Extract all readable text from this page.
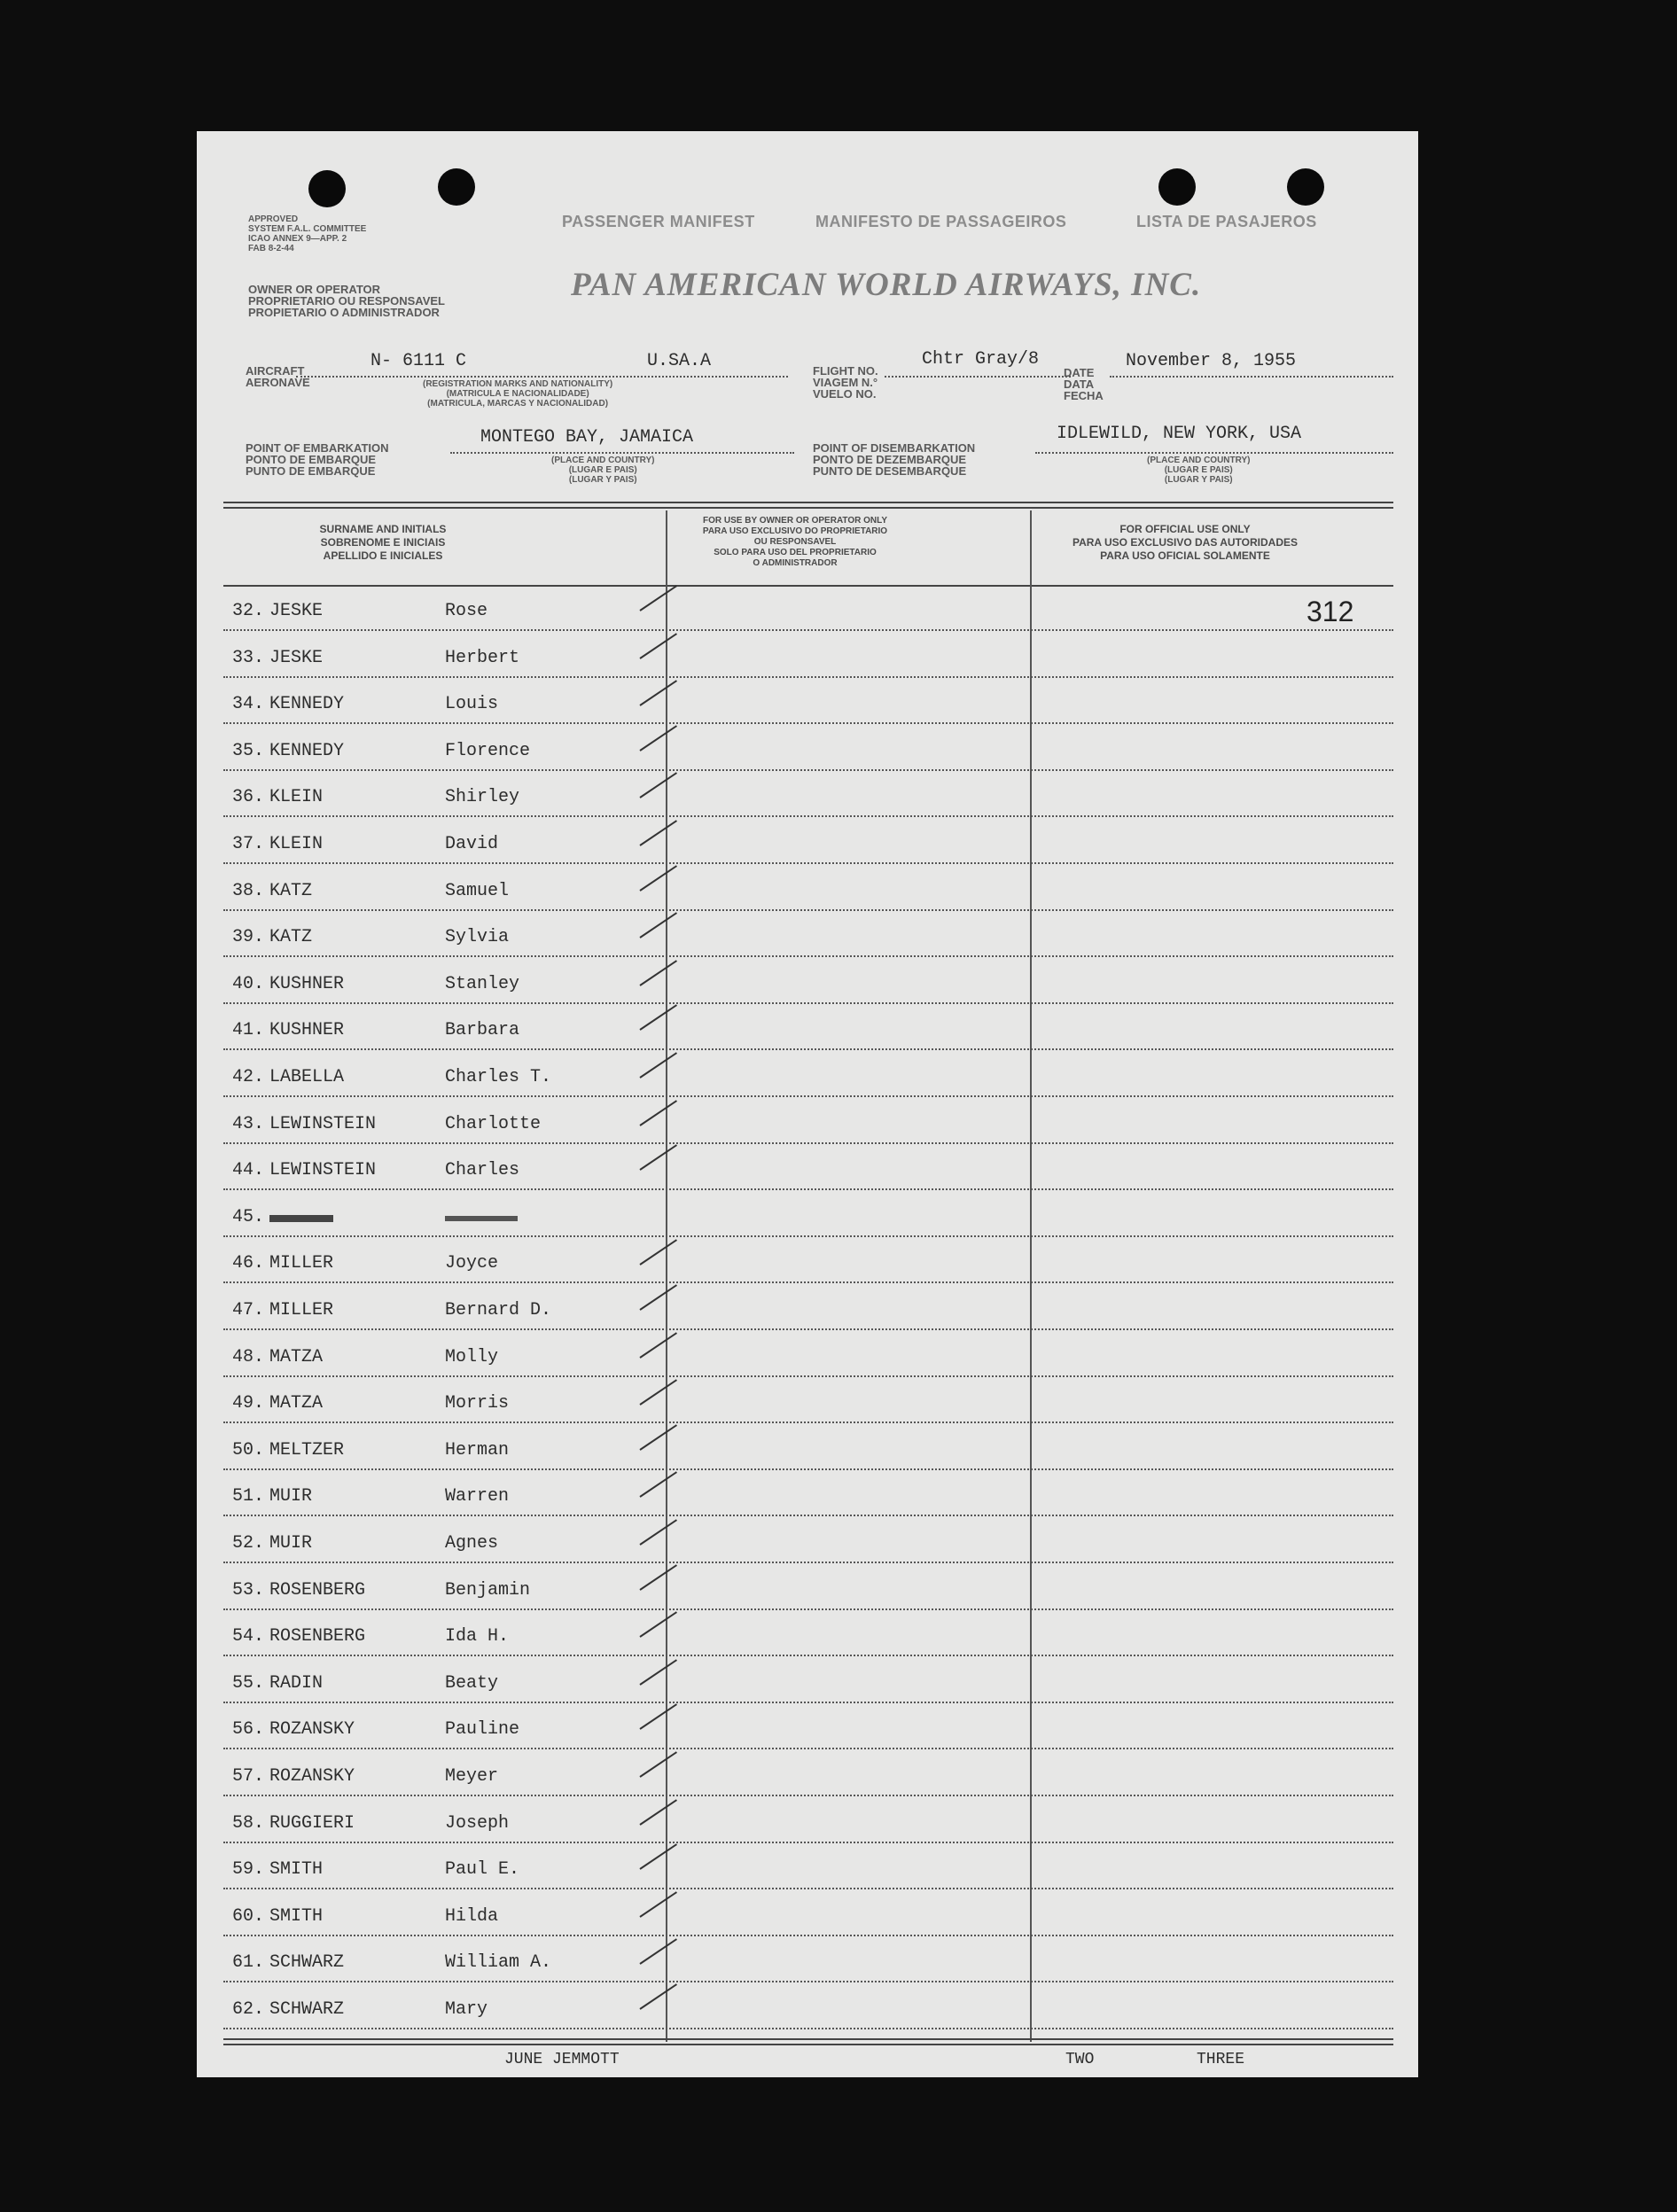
APPROVED
SYSTEM F.A.L. COMMITTEE
ICAO ANNEX 9—APP. 2
FAB 8-2-44
OWNER OR OPERATOR
PROPRIETARIO OU RESPONSAVEL
PROPIETARIO O ADMINISTRADOR
PASSENGER MANIFEST	MANIFESTO DE PASSAGEIROS	LISTA DE PASAJEROS
PAN AMERICAN WORLD AIRWAYS, INC.
AIRCRAFT
AERONAVE
N- 6111 C	U.SA.A
(REGISTRATION MARKS AND NATIONALITY)
(MATRICULA E NACIONALIDADE)
(MATRICULA, MARCAS Y NACIONALIDAD)
FLIGHT NO.
VIAGEM N.°
VUELO NO.
Chtr Gray/8
DATE
DATA
FECHA
November 8, 1955
POINT OF EMBARKATION
PONTO DE EMBARQUE
PUNTO DE EMBARQUE
MONTEGO BAY, JAMAICA
(PLACE AND COUNTRY)
(LUGAR E PAIS)
(LUGAR Y PAIS)
POINT OF DISEMBARKATION
PONTO DE DEZEMBARQUE
PUNTO DE DESEMBARQUE
IDLEWILD, NEW YORK, USA
(PLACE AND COUNTRY)
(LUGAR E PAIS)
(LUGAR Y PAIS)
SURNAME AND INITIALS
SOBRENOME E INICIAIS
APELLIDO E INICIALES
FOR USE BY OWNER OR OPERATOR ONLY
PARA USO EXCLUSIVO DO PROPRIETARIO
OU RESPONSAVEL
SOLO PARA USO DEL PROPRIETARIO
O ADMINISTRADOR
FOR OFFICIAL USE ONLY
PARA USO EXCLUSIVO DAS AUTORIDADES
PARA USO OFICIAL SOLAMENTE
312
32. JESKE	Rose
33. JESKE	Herbert
34. KENNEDY	Louis
35. KENNEDY	Florence
36. KLEIN	Shirley
37. KLEIN	David
38. KATZ	Samuel
39. KATZ	Sylvia
40. KUSHNER	Stanley
41. KUSHNER	Barbara
42. LABELLA	Charles T.
43. LEWINSTEIN	Charlotte
44. LEWINSTEIN	Charles
45.
46. MILLER	Joyce
47. MILLER	Bernard D.
48. MATZA	Molly
49. MATZA	Morris
50. MELTZER	Herman
51. MUIR	Warren
52. MUIR	Agnes
53. ROSENBERG	Benjamin
54. ROSENBERG	Ida H.
55. RADIN	Beaty
56. ROZANSKY	Pauline
57. ROZANSKY	Meyer
58. RUGGIERI	Joseph
59. SMITH	Paul E.
60. SMITH	Hilda
61. SCHWARZ	William A.
62. SCHWARZ	Mary
JUNE JEMMOTT	TWO	THREE
